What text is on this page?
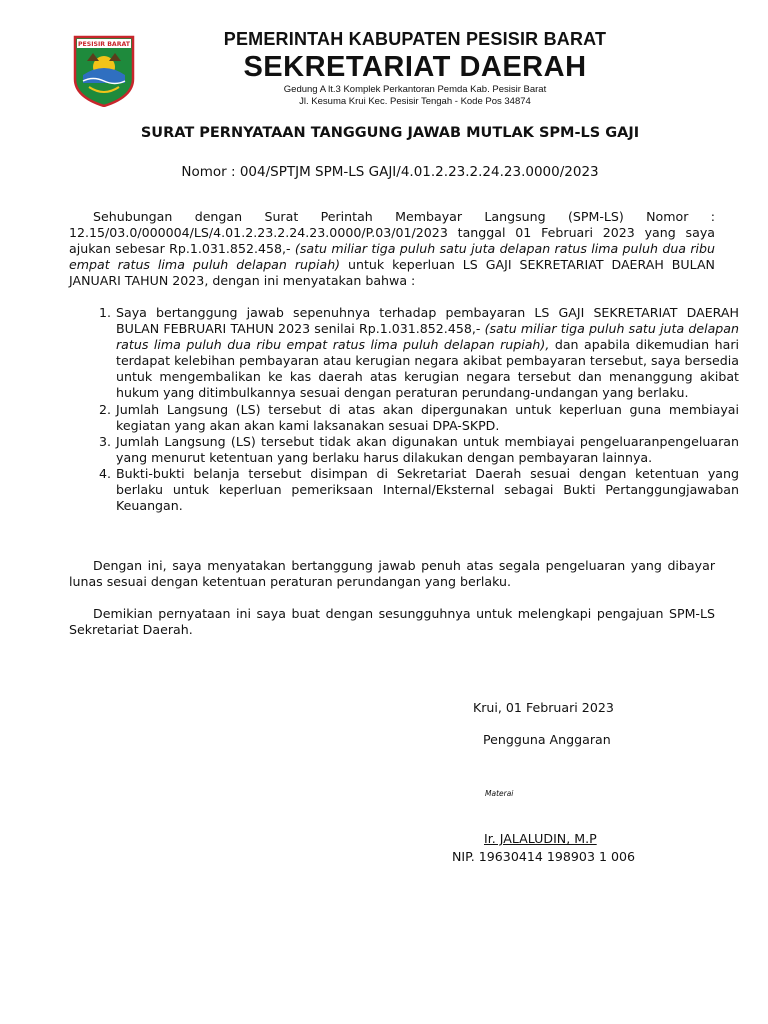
PESISIR BARAT	PEMERINTAH KABUPATEN PESISIR BARAT
SEKRETARIAT DAERAH
Gedung A lt.3 Komplek Perkantoran Pemda Kab. Pesisir Barat
Jl. Kesuma Krui Kec. Pesisir Tengah - Kode Pos 34874
SURAT PERNYATAAN TANGGUNG JAWAB MUTLAK SPM-LS GAJI
Nomor : 004/SPTJM SPM-LS GAJI/4.01.2.23.2.24.23.0000/2023
Sehubungan dengan Surat Perintah Membayar Langsung (SPM-LS) Nomor : 12.15/03.0/000004/LS/4.01.2.23.2.24.23.0000/P.03/01/2023 tanggal 01 Februari 2023 yang saya ajukan sebesar Rp.1.031.852.458,- (satu miliar tiga puluh satu juta delapan ratus lima puluh dua ribu empat ratus lima puluh delapan rupiah) untuk keperluan LS GAJI SEKRETARIAT DAERAH BULAN JANUARI TAHUN 2023, dengan ini menyatakan bahwa :
1. Saya bertanggung jawab sepenuhnya terhadap pembayaran LS GAJI SEKRETARIAT DAERAH BULAN FEBRUARI TAHUN 2023 senilai Rp.1.031.852.458,- (satu miliar tiga puluh satu juta delapan ratus lima puluh dua ribu empat ratus lima puluh delapan rupiah), dan apabila dikemudian hari terdapat kelebihan pembayaran atau kerugian negara akibat pembayaran tersebut, saya bersedia untuk mengembalikan ke kas daerah atas kerugian negara tersebut dan menanggung akibat hukum yang ditimbulkannya sesuai dengan peraturan perundang-undangan yang berlaku.
2. Jumlah Langsung (LS) tersebut di atas akan dipergunakan untuk keperluan guna membiayai kegiatan yang akan akan kami laksanakan sesuai DPA-SKPD.
3. Jumlah Langsung (LS) tersebut tidak akan digunakan untuk membiayai pengeluaranpengeluaran yang menurut ketentuan yang berlaku harus dilakukan dengan pembayaran lainnya.
4. Bukti-bukti belanja tersebut disimpan di Sekretariat Daerah sesuai dengan ketentuan yang berlaku untuk keperluan pemeriksaan Internal/Eksternal sebagai Bukti Pertanggungjawaban Keuangan.
Dengan ini, saya menyatakan bertanggung jawab penuh atas segala pengeluaran yang dibayar lunas sesuai dengan ketentuan peraturan perundangan yang berlaku.
Demikian pernyataan ini saya buat dengan sesungguhnya untuk melengkapi pengajuan SPM-LS Sekretariat Daerah.
Krui, 01 Februari 2023
Pengguna Anggaran
Materai
Ir. JALALUDIN, M.P
NIP. 19630414 198903 1 006
